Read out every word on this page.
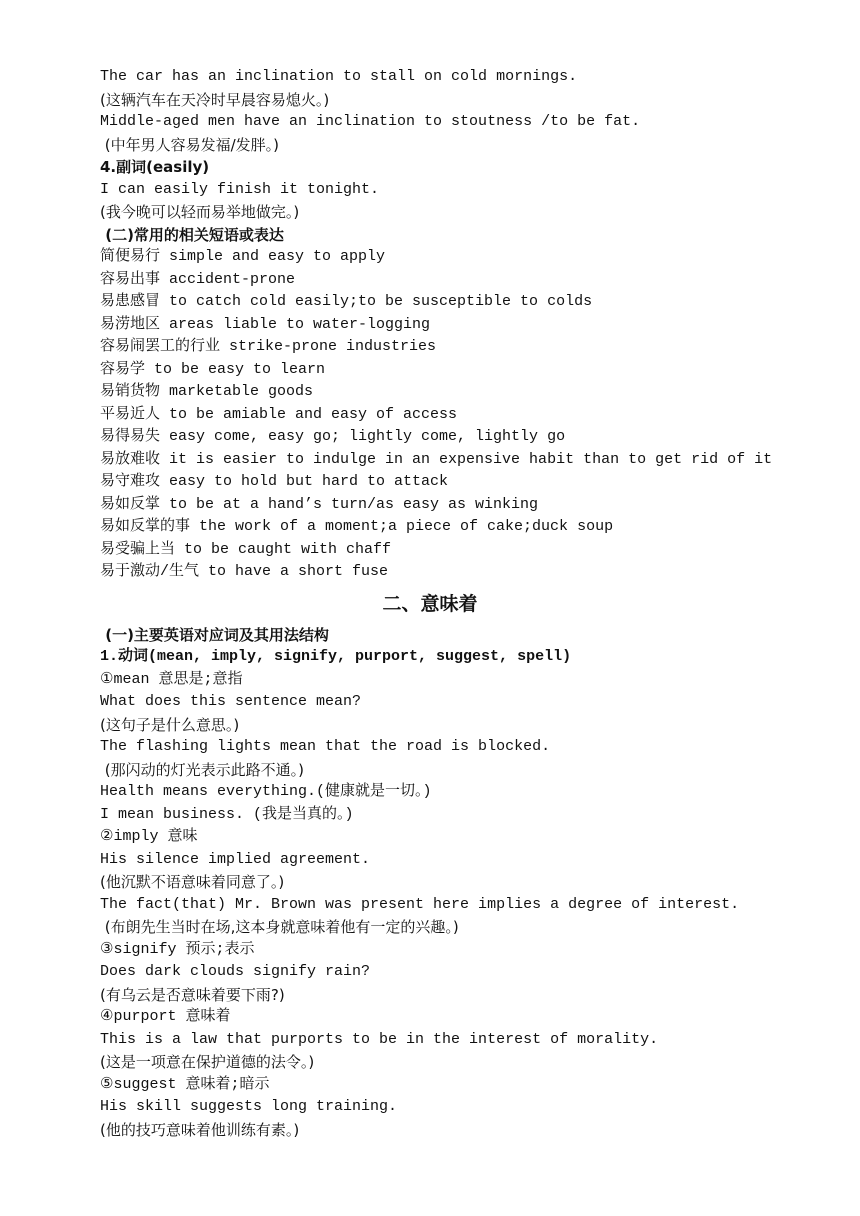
The car has an inclination to stall on cold mornings.
(这辆汽车在天冷时早晨容易熄火。)
Middle-aged men have an inclination to stoutness /to be fat.
(中年男人容易发福/发胖。)
4.副词(easily)
I can easily finish it tonight.
(我今晚可以轻而易举地做完。)
(二)常用的相关短语或表达
简便易行 simple and easy to apply
容易出事 accident-prone
易患感冒 to catch cold easily;to be susceptible to colds
易涝地区 areas liable to water-logging
容易闹罢工的行业 strike-prone industries
容易学 to be easy to learn
易销货物 marketable goods
平易近人 to be amiable and easy of access
易得易失 easy come, easy go; lightly come, lightly go
易放难收 it is easier to indulge in an expensive habit than to get rid of it
易守难攻 easy to hold but hard to attack
易如反掌 to be at a hand’s turn/as easy as winking
易如反掌的事 the work of a moment;a piece of cake;duck soup
易受骗上当 to be caught with chaff
易于激动/生气 to have a short fuse
二、意味着
(一)主要英语对应词及其用法结构
1.动词(mean, imply, signify, purport, suggest, spell)
①mean 意思是;意指
What does this sentence mean?
(这句子是什么意思。)
The flashing lights mean that the road is blocked.
(那闪动的灯光表示此路不通。)
Health means everything.(健康就是一切。)
I mean business. (我是当真的。)
②imply 意味
His silence implied agreement.
(他沉默不语意味着同意了。)
The fact(that) Mr. Brown was present here implies a degree of interest.
(布朗先生当时在场,这本身就意味着他有一定的兴趣。)
③signify 预示;表示
Does dark clouds signify rain?
(有乌云是否意味着要下雨?)
④purport 意味着
This is a law that purports to be in the interest of morality.
(这是一项意在保护道德的法令。)
⑤suggest 意味着;暗示
His skill suggests long training.
(他的技巧意味着他训练有素。)
